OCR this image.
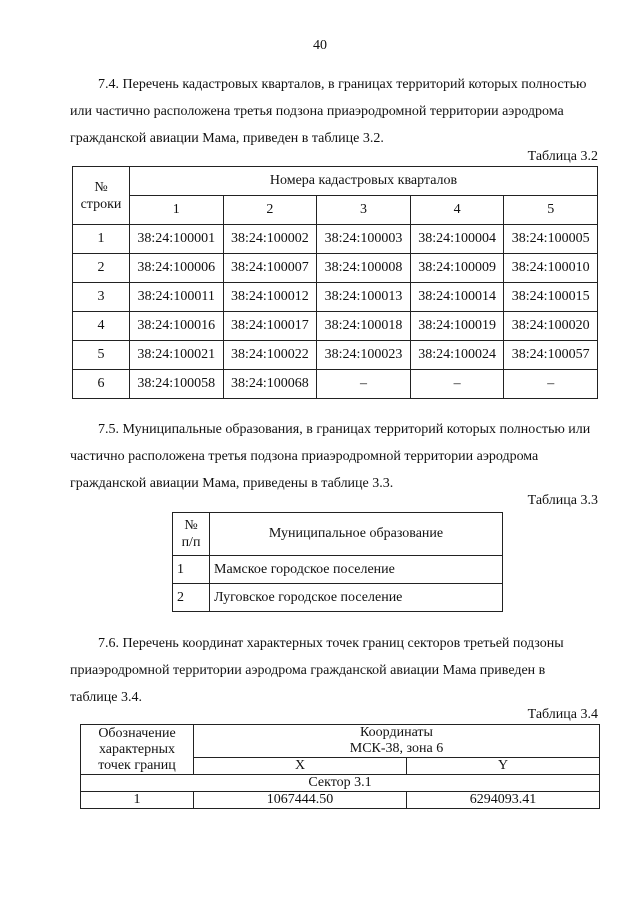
40

7.4. Перечень кадастровых кварталов, в границах территорий которых полностью
или частично расположена третья подзона приаэродромной территории аэродрома
гражданской авиации Мама, приведен в таблице 3.2.

Таблица 3.2
№
строки	Номера кадастровых кварталов				
	1	2	3	4	5
1	38:24:100001	38:24:100002	38:24:100003	38:24:100004	38:24:100005
2	38:24:100006	38:24:100007	38:24:100008	38:24:100009	38:24:100010
3	38:24:100011	38:24:100012	38:24:100013	38:24:100014	38:24:100015
4	38:24:100016	38:24:100017	38:24:100018	38:24:100019	38:24:100020
5	38:24:100021	38:24:100022	38:24:100023	38:24:100024	38:24:100057
6	38:24:100058	38:24:100068	–	–	–

7.5. Муниципальные образования, в границах территорий которых полностью или
частично расположена третья подзона приаэродромной территории аэродрома
гражданской авиации Мама, приведены в таблице 3.3.

Таблица 3.3
№
п/п	Муниципальное образование
1	Мамское городское поселение
2	Луговское городское поселение

7.6. Перечень координат характерных точек границ секторов третьей подзоны
приаэродромной территории аэродрома гражданской авиации Мама приведен в
таблице 3.4.

Таблица 3.4
Обозначение
характерных
точек границ	Координаты
МСК-38, зона 6	
	X	Y
Сектор 3.1		
1	1067444.50	6294093.41
